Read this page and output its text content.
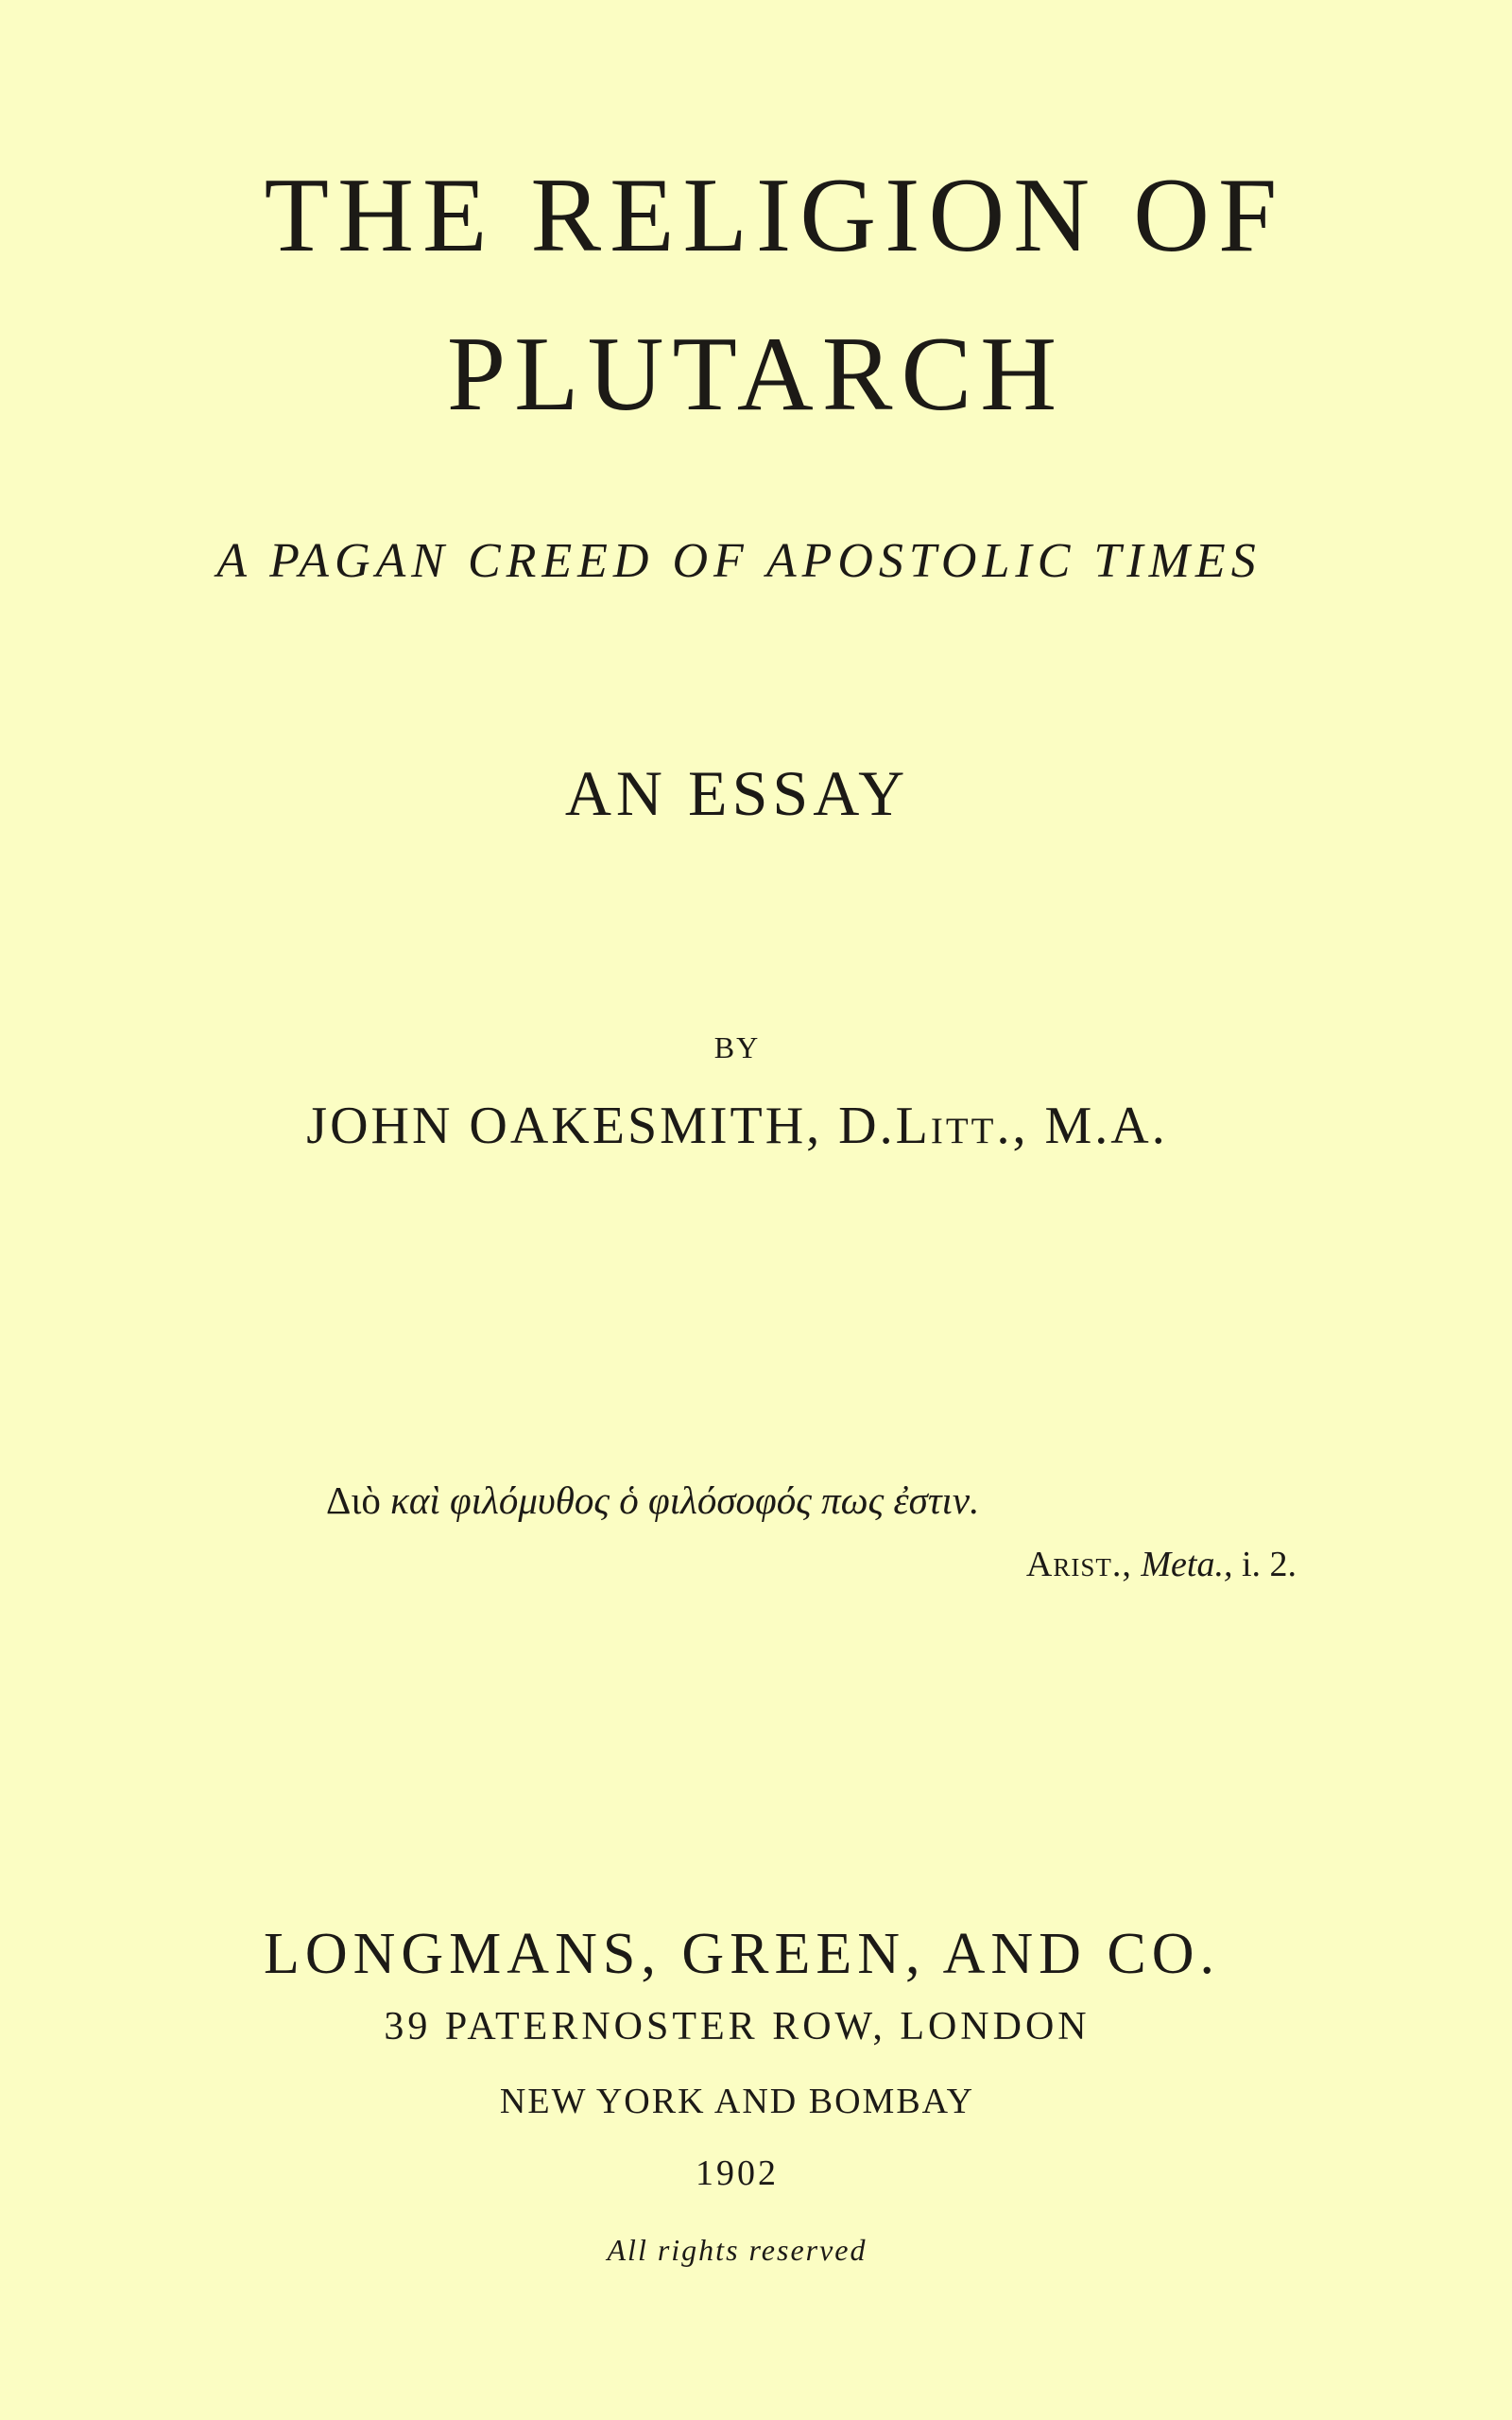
THE RELIGION OF
PLUTARCH
A PAGAN CREED OF APOSTOLIC TIMES
AN ESSAY
BY
JOHN OAKESMITH, D.Litt., M.A.
Διὸ καὶ φιλόμυθος ὁ φιλόσοφός πως ἐστιν.
Arist., Meta., i. 2.
LONGMANS, GREEN, AND CO.
39 PATERNOSTER ROW, LONDON
NEW YORK AND BOMBAY
1902
All rights reserved
